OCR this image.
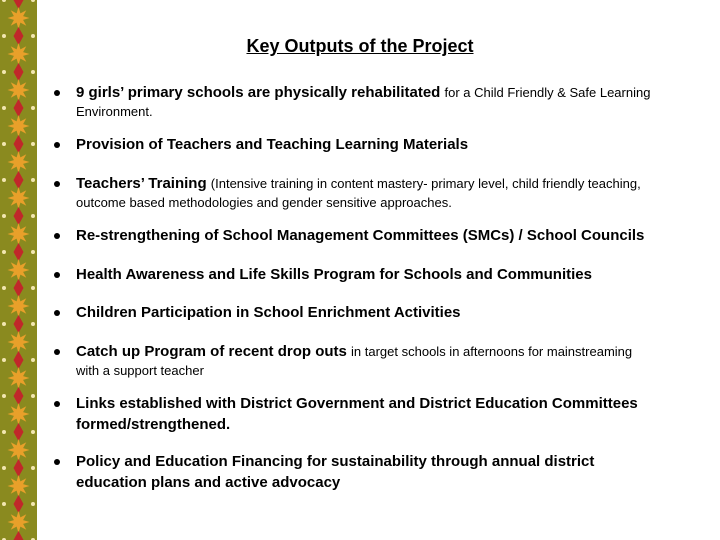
Key Outputs of the Project
9 girls’ primary schools are physically rehabilitated for a Child Friendly & Safe Learning
Environment.
Provision of Teachers and Teaching Learning Materials
Teachers’ Training (Intensive training in content mastery- primary level, child friendly teaching,
outcome based methodologies and gender sensitive approaches.
Re-strengthening of School Management Committees (SMCs) / School Councils
Health Awareness and Life Skills Program for Schools and Communities
Children Participation in School Enrichment Activities
Catch up Program of recent drop outs in target schools in afternoons for mainstreaming
with a support teacher
Links established with District Government and District Education Committees
formed/strengthened.
Policy and Education Financing for sustainability through annual district
education plans and active advocacy
